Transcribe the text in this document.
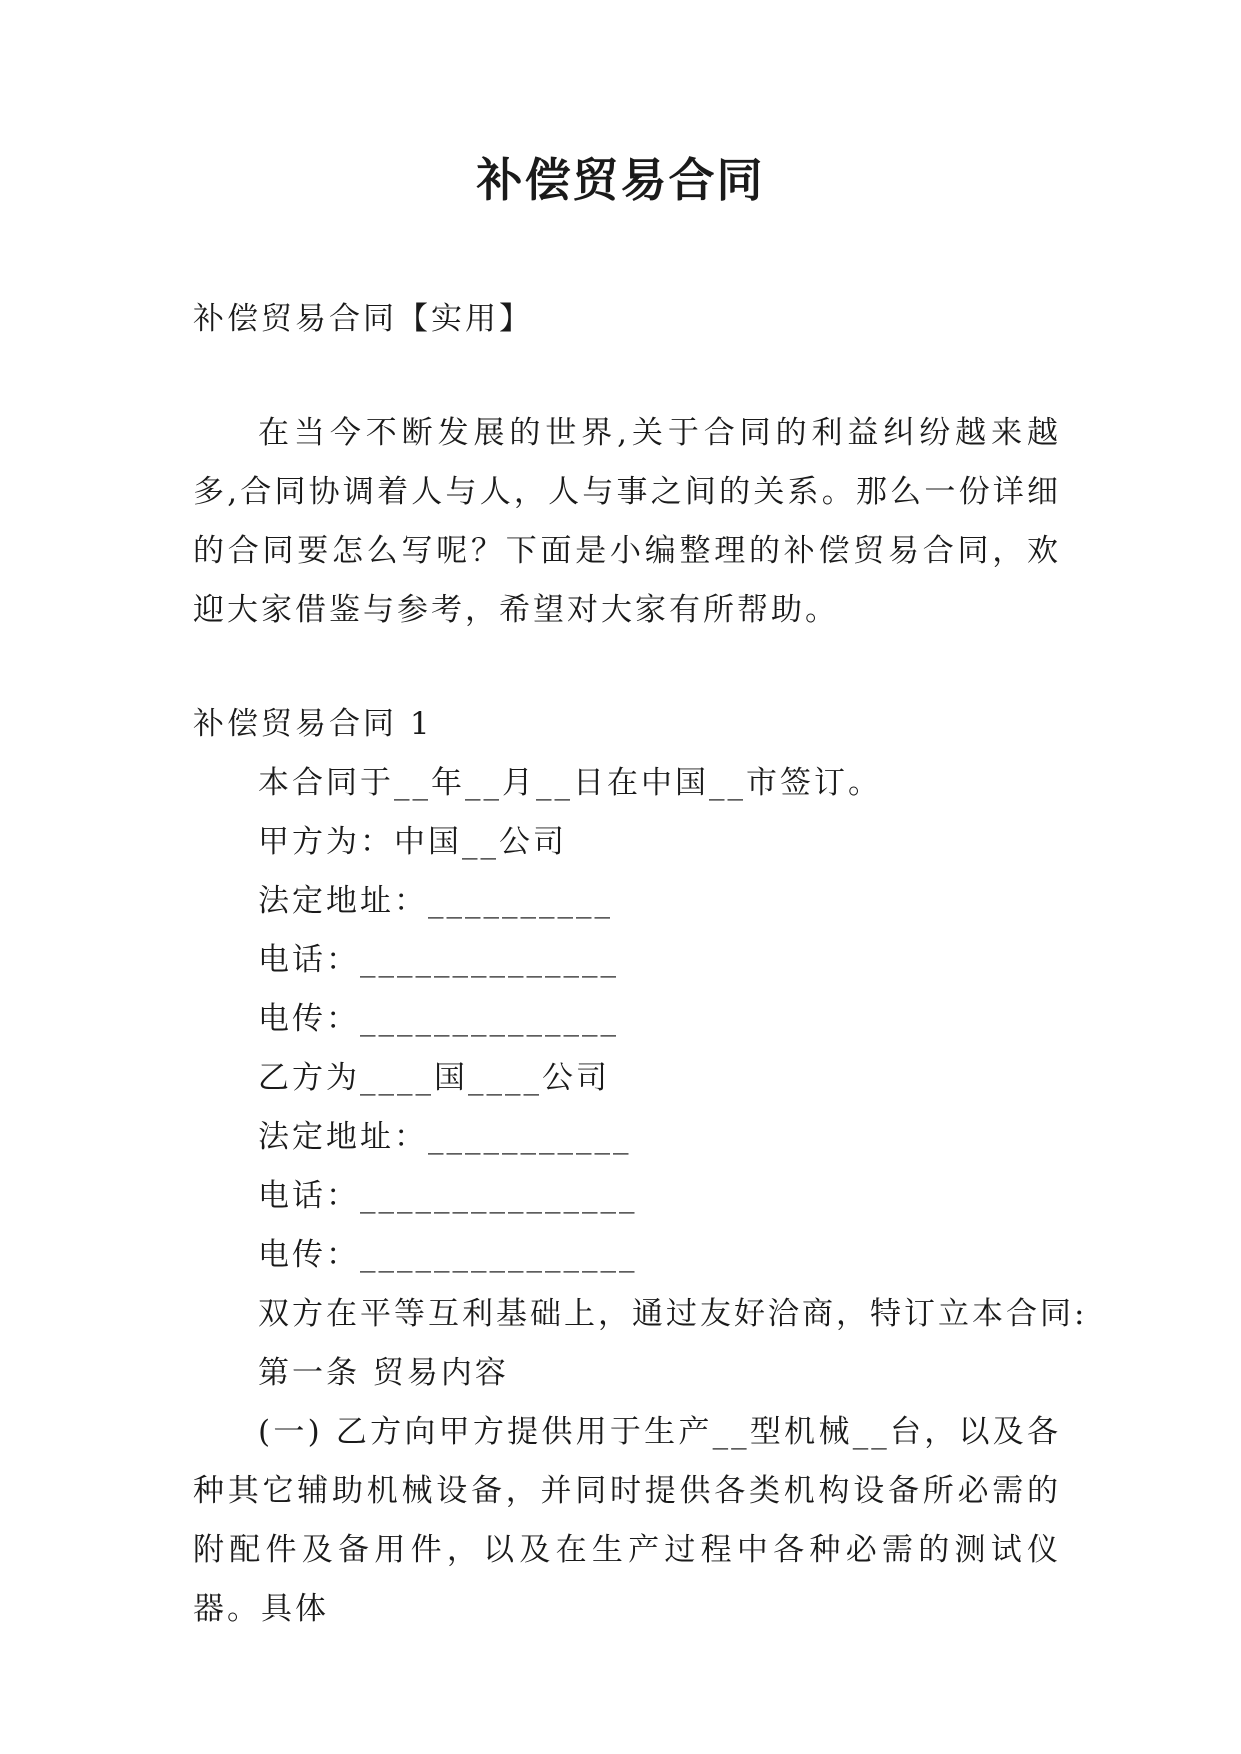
补偿贸易合同

补偿贸易合同【实用】

在当今不断发展的世界,关于合同的利益纠纷越来越多,合同协调着人与人，人与事之间的关系。那么一份详细的合同要怎么写呢？下面是小编整理的补偿贸易合同，欢迎大家借鉴与参考，希望对大家有所帮助。

补偿贸易合同 1

本合同于__年__月__日在中国__市签订。

甲方为：中国__公司

法定地址：__________

电话：______________

电传：______________

乙方为____国____公司

法定地址：___________

电话：_______________

电传：_______________

双方在平等互利基础上，通过友好洽商，特订立本合同:

第一条 贸易内容

(一) 乙方向甲方提供用于生产__型机械__台，以及各种其它辅助机械设备，并同时提供各类机构设备所必需的附配件及备用件，以及在生产过程中各种必需的测试仪器。具体
